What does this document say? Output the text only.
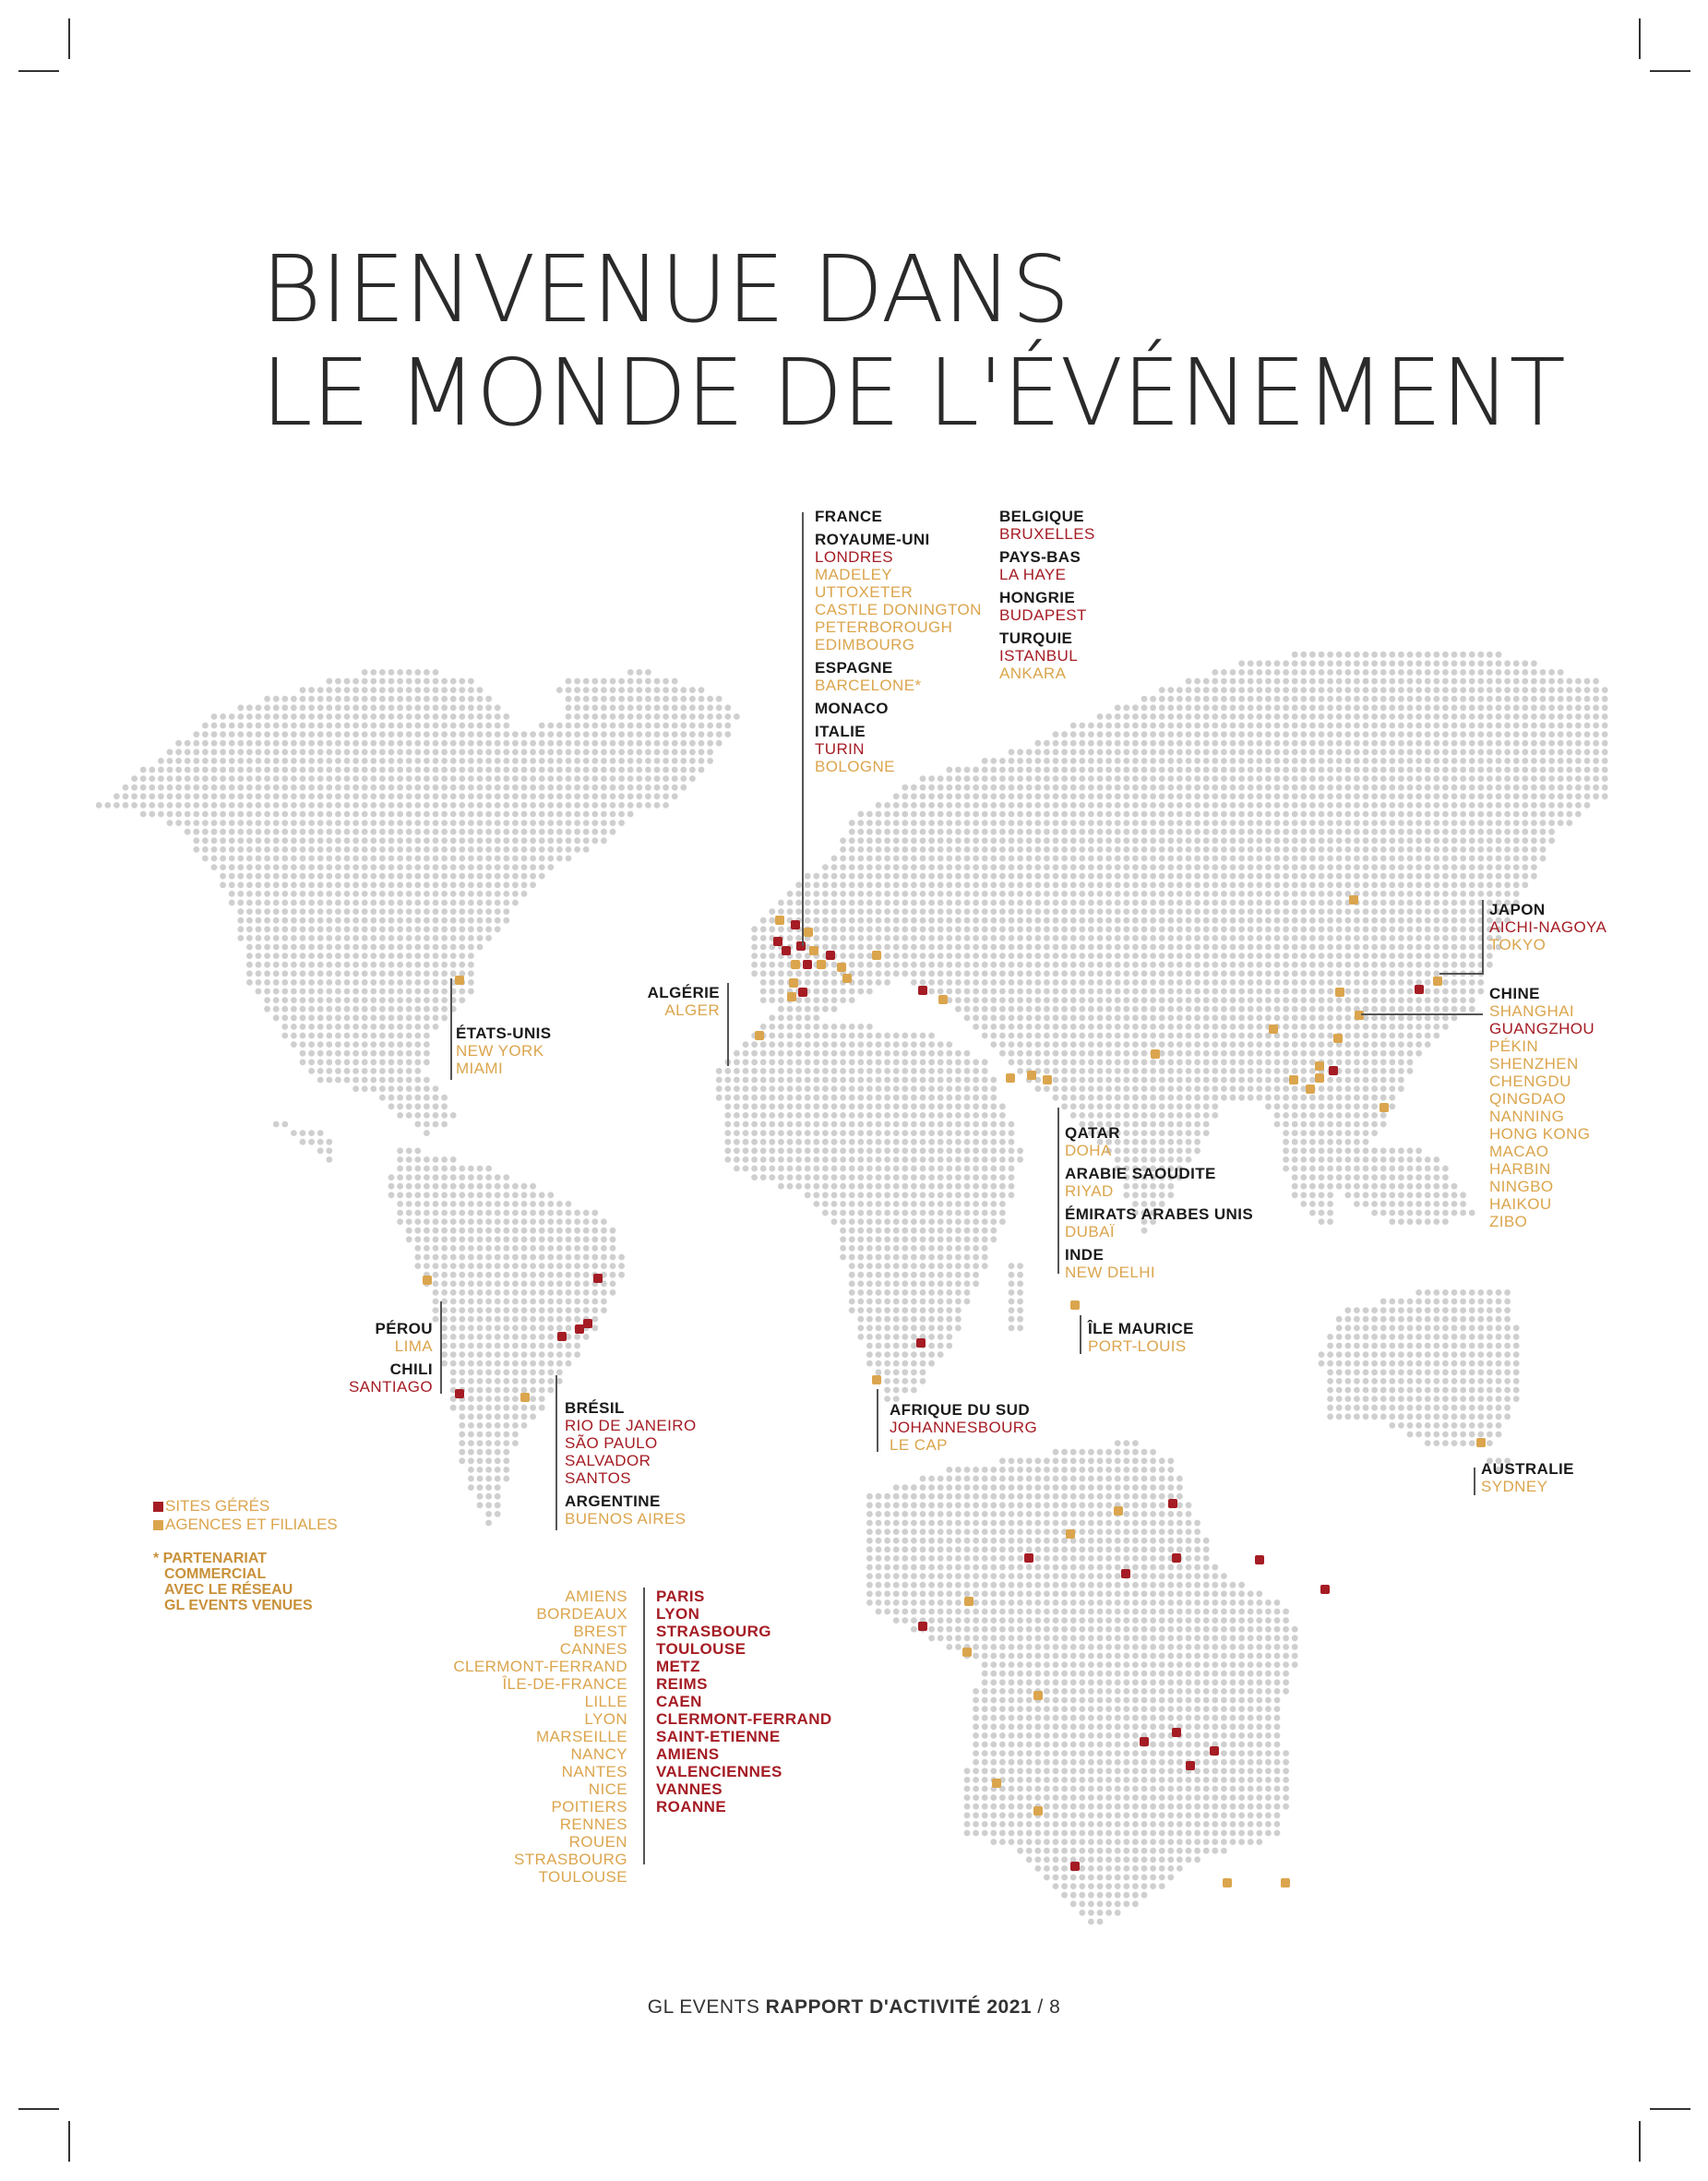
BIENVENUE DANS
LE MONDE DE L'ÉVÉNEMENT
FRANCE
ROYAUME-UNI
LONDRES
MADELEY
UTTOXETER
CASTLE DONINGTON
PETERBOROUGH
EDIMBOURG
ESPAGNE
BARCELONE*
MONACO
ITALIE
TURIN
BOLOGNE
BELGIQUE
BRUXELLES
PAYS-BAS
LA HAYE
HONGRIE
BUDAPEST
TURQUIE
ISTANBUL
ANKARA
ÉTATS-UNIS
NEW YORK
MIAMI
ALGÉRIE
ALGER
JAPON
AICHI-NAGOYA
TOKYO
CHINE
SHANGHAI
GUANGZHOU
PÉKIN
SHENZHEN
CHENGDU
QINGDAO
NANNING
HONG KONG
MACAO
HARBIN
NINGBO
HAIKOU
ZIBO
QATAR
DOHA
ARABIE SAOUDITE
RIYAD
ÉMIRATS ARABES UNIS
DUBAÏ
INDE
NEW DELHI
ÎLE MAURICE
PORT-LOUIS
AFRIQUE DU SUD
JOHANNESBOURG
LE CAP
AUSTRALIE
SYDNEY
PÉROU
LIMA
CHILI
SANTIAGO
BRÉSIL
RIO DE JANEIRO
SÃO PAULO
SALVADOR
SANTOS
ARGENTINE
BUENOS AIRES
SITES GÉRÉS
AGENCES ET FILIALES
* PARTENARIAT
COMMERCIAL
AVEC LE RÉSEAU
GL EVENTS VENUES
AMIENS
BORDEAUX
BREST
CANNES
CLERMONT-FERRAND
ÎLE-DE-FRANCE
LILLE
LYON
MARSEILLE
NANCY
NANTES
NICE
POITIERS
RENNES
ROUEN
STRASBOURG
TOULOUSE
PARIS
LYON
STRASBOURG
TOULOUSE
METZ
REIMS
CAEN
CLERMONT-FERRAND
SAINT-ETIENNE
AMIENS
VALENCIENNES
VANNES
ROANNE
GL EVENTS RAPPORT D'ACTIVITÉ 2021 / 8
